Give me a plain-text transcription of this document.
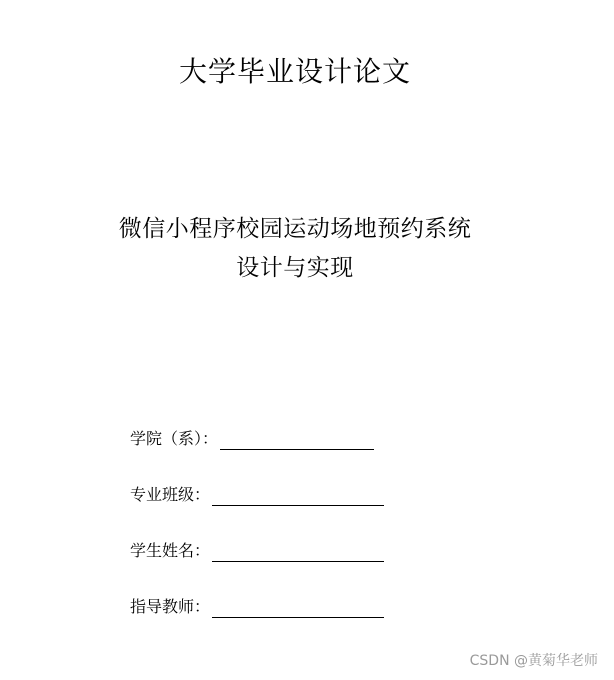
大学毕业设计论文
微信小程序校园运动场地预约系统
设计与实现
学院（系）：
专业班级：
学生姓名：
指导教师：
CSDN @黄菊华老师
